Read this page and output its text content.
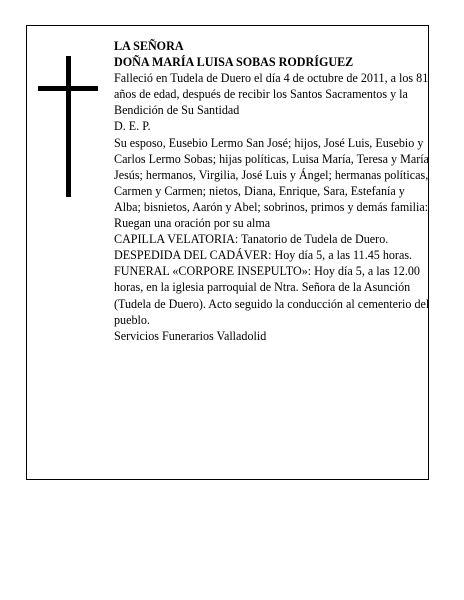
LA SEÑORA

DOÑA MARÍA LUISA SOBAS RODRÍGUEZ

Falleció en Tudela de Duero el día 4 de octubre de 2011, a los 81 años de edad, después de recibir los Santos Sacramentos y la Bendición de Su Santidad

D. E. P.

Su esposo, Eusebio Lermo San José; hijos, José Luis, Eusebio y Carlos Lermo Sobas; hijas políticas, Luisa María, Teresa y María Jesús; hermanos, Virgilia, José Luis y Ángel; hermanas políticas, Carmen y Carmen; nietos, Diana, Enrique, Sara, Estefanía y Alba; bisnietos, Aarón y Abel; sobrinos, primos y demás familia:

Ruegan una oración por su alma

CAPILLA VELATORIA: Tanatorio de Tudela de Duero.

DESPEDIDA DEL CADÁVER: Hoy día 5, a las 11.45 horas.

FUNERAL «CORPORE INSEPULTO»: Hoy día 5, a las 12.00 horas, en la iglesia parroquial de Ntra. Señora de la Asunción (Tudela de Duero). Acto seguido la conducción al cementerio del pueblo.

Servicios Funerarios Valladolid
